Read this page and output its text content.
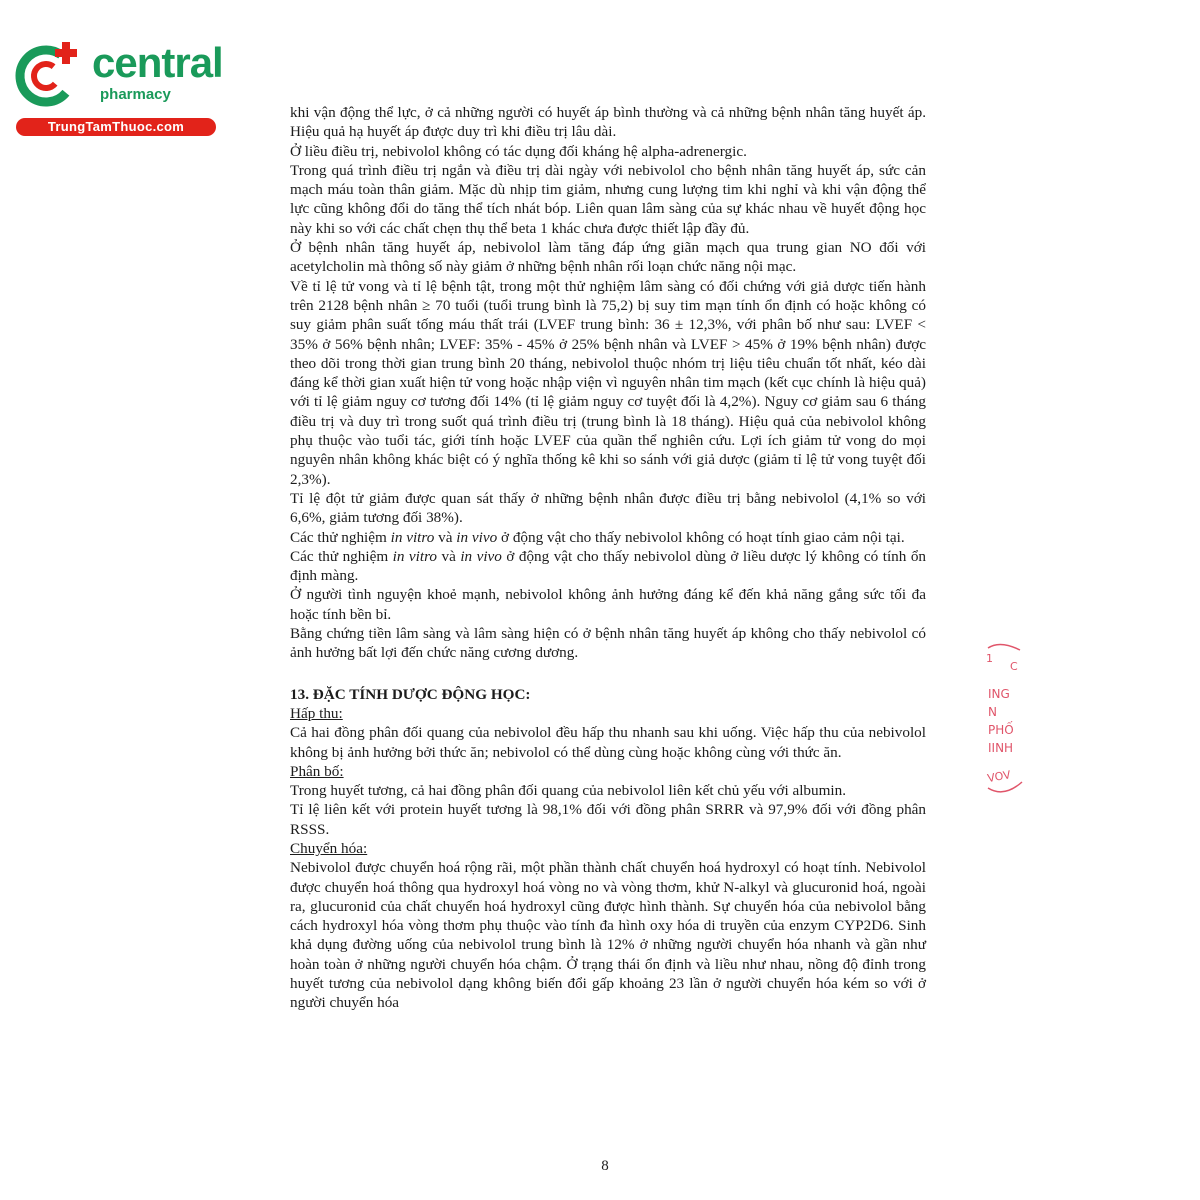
central
pharmacy
TrungTamThuoc.com
1
C
ING
N
PHỐ
IINH
VOV

khi vận động thể lực, ở cả những người có huyết áp bình thường và cả những bệnh nhân tăng huyết áp. Hiệu quả hạ huyết áp được duy trì khi điều trị lâu dài.

Ở liều điều trị, nebivolol không có tác dụng đối kháng hệ alpha-adrenergic.

Trong quá trình điều trị ngắn và điều trị dài ngày với nebivolol cho bệnh nhân tăng huyết áp, sức cản mạch máu toàn thân giảm. Mặc dù nhịp tim giảm, nhưng cung lượng tim khi nghỉ và khi vận động thể lực cũng không đổi do tăng thể tích nhát bóp. Liên quan lâm sàng của sự khác nhau về huyết động học này khi so với các chất chẹn thụ thể beta 1 khác chưa được thiết lập đầy đủ.

Ở bệnh nhân tăng huyết áp, nebivolol làm tăng đáp ứng giãn mạch qua trung gian NO đối với acetylcholin mà thông số này giảm ở những bệnh nhân rối loạn chức năng nội mạc.

Về tỉ lệ tử vong và tỉ lệ bệnh tật, trong một thử nghiệm lâm sàng có đối chứng với giả dược tiến hành trên 2128 bệnh nhân ≥ 70 tuổi (tuổi trung bình là 75,2) bị suy tim mạn tính ổn định có hoặc không có suy giảm phân suất tống máu thất trái (LVEF trung bình: 36 ± 12,3%, với phân bố như sau: LVEF < 35% ở 56% bệnh nhân; LVEF: 35% - 45% ở 25% bệnh nhân và LVEF > 45% ở 19% bệnh nhân) được theo dõi trong thời gian trung bình 20 tháng, nebivolol thuộc nhóm trị liệu tiêu chuẩn tốt nhất, kéo dài đáng kể thời gian xuất hiện tử vong hoặc nhập viện vì nguyên nhân tim mạch (kết cục chính là hiệu quả) với tỉ lệ giảm nguy cơ tương đối 14% (tỉ lệ giảm nguy cơ tuyệt đối là 4,2%). Nguy cơ giảm sau 6 tháng điều trị và duy trì trong suốt quá trình điều trị (trung bình là 18 tháng). Hiệu quả của nebivolol không phụ thuộc vào tuổi tác, giới tính hoặc LVEF của quần thể nghiên cứu. Lợi ích giảm tử vong do mọi nguyên nhân không khác biệt có ý nghĩa thống kê khi so sánh với giả dược (giảm tỉ lệ tử vong tuyệt đối 2,3%).

Tỉ lệ đột tử giảm được quan sát thấy ở những bệnh nhân được điều trị bằng nebivolol (4,1% so với 6,6%, giảm tương đối 38%).

Các thử nghiệm in vitro và in vivo ở động vật cho thấy nebivolol không có hoạt tính giao cảm nội tại.

Các thử nghiệm in vitro và in vivo ở động vật cho thấy nebivolol dùng ở liều dược lý không có tính ổn định màng.

Ở người tình nguyện khoẻ mạnh, nebivolol không ảnh hưởng đáng kể đến khả năng gắng sức tối đa hoặc tính bền bỉ.

Bằng chứng tiền lâm sàng và lâm sàng hiện có ở bệnh nhân tăng huyết áp không cho thấy nebivolol có ảnh hưởng bất lợi đến chức năng cương dương.

13. ĐẶC TÍNH DƯỢC ĐỘNG HỌC:

Hấp thu:

Cả hai đồng phân đối quang của nebivolol đều hấp thu nhanh sau khi uống. Việc hấp thu của nebivolol không bị ảnh hưởng bởi thức ăn; nebivolol có thể dùng cùng hoặc không cùng với thức ăn.

Phân bố:

Trong huyết tương, cả hai đồng phân đối quang của nebivolol liên kết chủ yếu với albumin.

Tỉ lệ liên kết với protein huyết tương là 98,1% đối với đồng phân SRRR và 97,9% đối với đồng phân RSSS.

Chuyển hóa:

Nebivolol được chuyển hoá rộng rãi, một phần thành chất chuyển hoá hydroxyl có hoạt tính. Nebivolol được chuyển hoá thông qua hydroxyl hoá vòng no và vòng thơm, khử N-alkyl và glucuronid hoá, ngoài ra, glucuronid của chất chuyển hoá hydroxyl cũng được hình thành. Sự chuyển hóa của nebivolol bằng cách hydroxyl hóa vòng thơm phụ thuộc vào tính đa hình oxy hóa di truyền của enzym CYP2D6. Sinh khả dụng đường uống của nebivolol trung bình là 12% ở những người chuyển hóa nhanh và gần như hoàn toàn ở những người chuyển hóa chậm. Ở trạng thái ổn định và liều như nhau, nồng độ đỉnh trong huyết tương của nebivolol dạng không biến đổi gấp khoảng 23 lần ở người chuyển hóa kém so với ở người chuyển hóa

8
